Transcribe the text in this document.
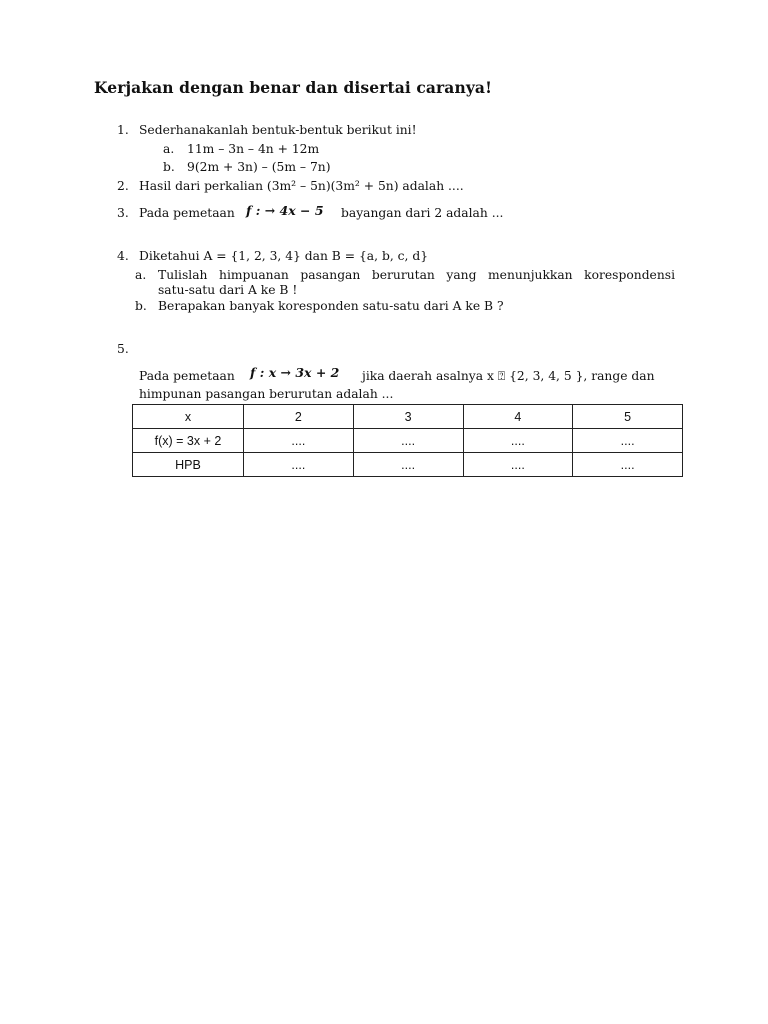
Kerjakan dengan benar dan disertai caranya!
1. Sederhanakanlah bentuk-bentuk berikut ini!
a. 11m – 3n – 4n + 12m
b. 9(2m + 3n) – (5m – 7n)
2. Hasil dari perkalian (3m² – 5n)(3m² + 5n) adalah ....
3. Pada pemetaan f : → 4x − 5 bayangan dari 2 adalah ...
4. Diketahui A = {1, 2, 3, 4} dan B = {a, b, c, d}
a. Tulislah himpuanan pasangan berurutan yang menunjukkan korespondensi
satu-satu dari A ke B !
b. Berapakan banyak koresponden satu-satu dari A ke B ?
5.
Pada pemetaan f : x → 3x + 2 jika daerah asalnya x ⍰ {2, 3, 4, 5 }, range dan
himpunan pasangan berurutan adalah ...
x	2	3	4	5
f(x) = 3x + 2	....	....	....	....
HPB	....	....	....	....
